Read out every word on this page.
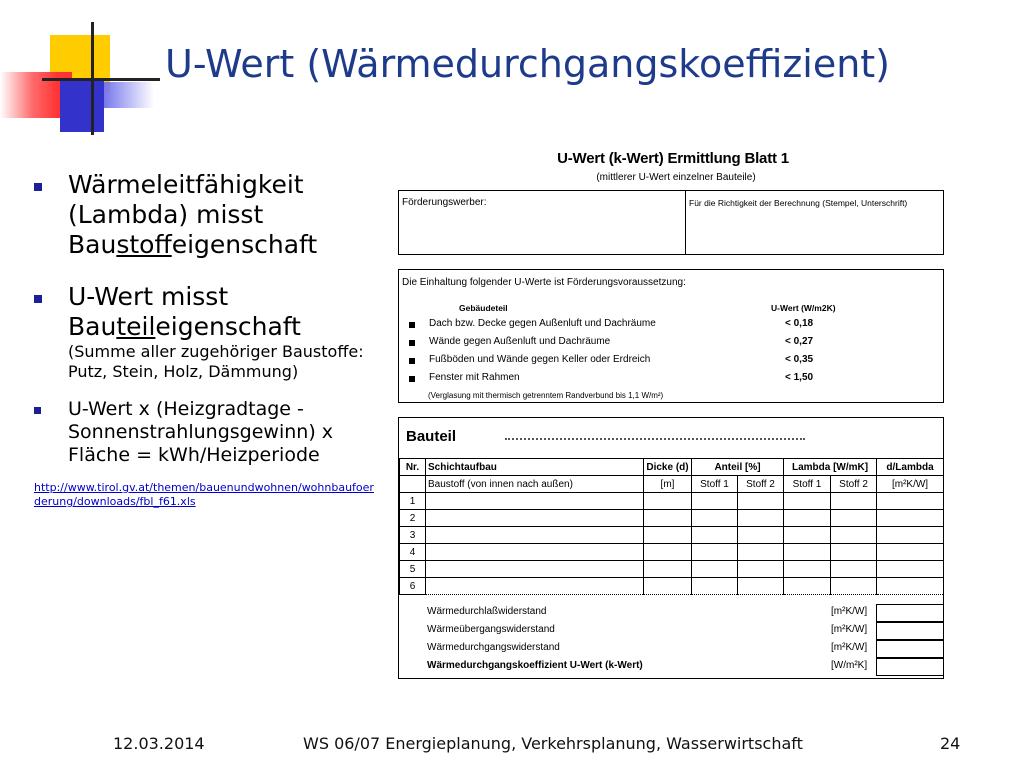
U-Wert (Wärmedurchgangskoeffizient)
Wärmeleitfähigkeit (Lambda) misst Baustoffeigenschaft
U-Wert misst Bauteileigenschaft
(Summe aller zugehöriger Baustoffe: Putz, Stein, Holz, Dämmung)
U-Wert x (Heizgradtage - Sonnenstrahlungsgewinn) x Fläche = kWh/Heizperiode
http://www.tirol.gv.at/themen/bauenundwohnen/wohnbaufoerderung/downloads/fbl_f61.xls
U-Wert (k-Wert) Ermittlung Blatt 1
(mittlerer U-Wert einzelner Bauteile)
Förderungswerber:	Für die Richtigkeit der Berechnung (Stempel, Unterschrift)
Die Einhaltung folgender U-Werte ist Förderungsvoraussetzung:
Gebäudeteil	U-Wert (W/m2K)
Dach bzw. Decke gegen Außenluft und Dachräume	< 0,18
Wände gegen Außenluft und Dachräume	< 0,27
Fußböden und Wände gegen Keller oder Erdreich	< 0,35
Fenster mit Rahmen	< 1,50
(Verglasung mit thermisch getrenntem Randverbund bis 1,1 W/m²)
Bauteil
Nr.	Schichtaufbau	Dicke (d)	Anteil [%]		Lambda [W/mK]		d/Lambda
	Baustoff (von innen nach außen)	[m]	Stoff 1	Stoff 2	Stoff 1	Stoff 2	[m²K/W]
1							
2							
3							
4							
5							
6							
Wärmedurchlaßwiderstand	[m²K/W]
Wärmeübergangswiderstand	[m²K/W]
Wärmedurchgangswiderstand	[m²K/W]
Wärmedurchgangskoeffizient U-Wert (k-Wert)	[W/m²K]
12.03.2014	WS 06/07 Energieplanung, Verkehrsplanung, Wasserwirtschaft	24
